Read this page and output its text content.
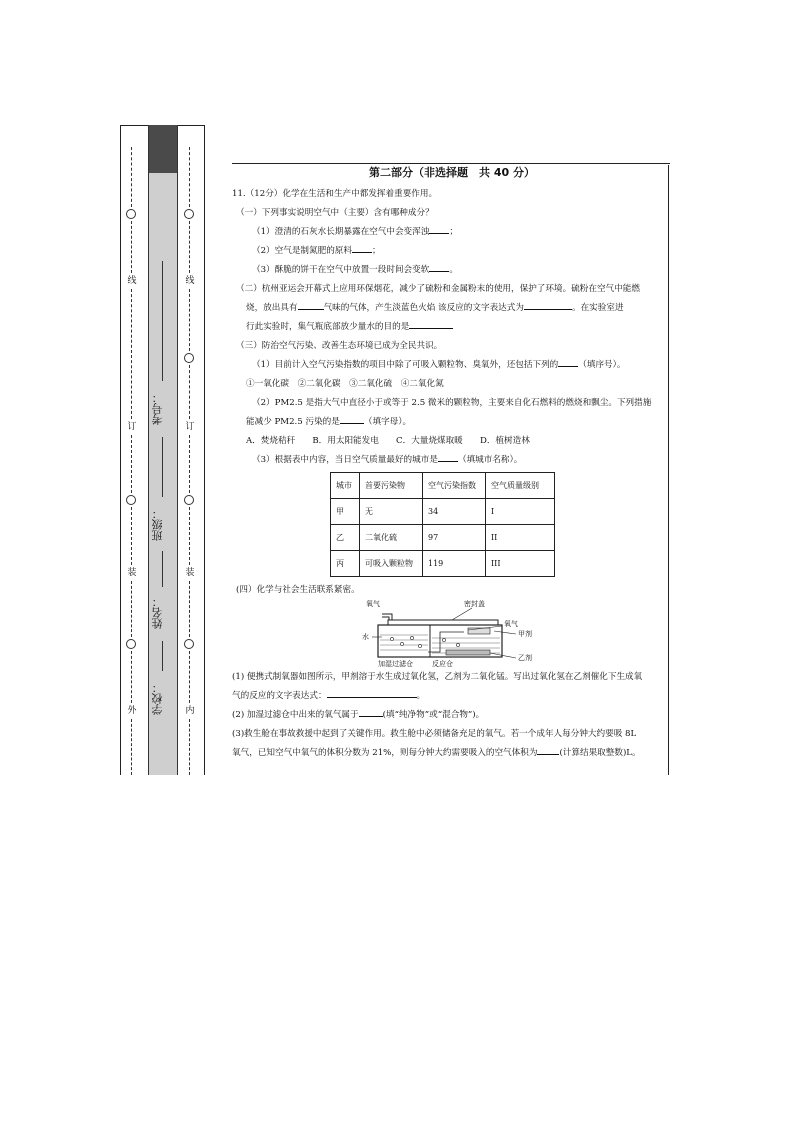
线
订
装
外
考号：
班级：
姓名：
学校：
线
订
装
内
第二部分（非选择题　共 40 分）
11.（12分）化学在生活和生产中都发挥着重要作用。
（一）下列事实说明空气中（主要）含有哪种成分？
（1）澄清的石灰水长期暴露在空气中会变浑浊 ；
（2）空气是制氮肥的原料 ；
（3）酥脆的饼干在空气中放置一段时间会变软 。
（二）杭州亚运会开幕式上应用环保烟花，减少了硫粉和金属粉末的使用，保护了环境。硫粉在空气中能燃
烧，放出具有	气味的气体，产生淡蓝色火焰 该反应的文字表达式为	。在实验室进
行此实验时，集气瓶底部放少量水的目的是
（三）防治空气污染、改善生态环境已成为全民共识。
（1）目前计入空气污染指数的项目中除了可吸入颗粒物、臭氧外，还包括下列的 （填序号）。
①一氧化碳　②二氧化碳　③二氧化硫　④二氧化氮
（2）PM2.5 是指大气中直径小于或等于 2.5 微米的颗粒物，主要来自化石燃料的燃烧和飘尘。下列措施
能减少 PM2.5 污染的是	（填字母）。
A．焚烧秸秆　　B．用太阳能发电　　C．大量烧煤取暖　　D．植树造林
（3）根据表中内容，当日空气质量最好的城市是 （填城市名称）。
城市	首要污染物	空气污染指数	空气质量级别
甲	无	34	I
乙	二氧化硫	97	II
丙	可吸入颗粒物	119	III
(四）化学与社会生活联系紧密。
氧气	密封盖
水
氧气
甲剂
乙剂
加湿过滤仓	反应仓
(1) 便携式制氧器如图所示，甲剂溶于水生成过氧化氢，乙剂为二氧化锰。写出过氧化氢在乙剂催化下生成氧
气的反应的文字表达式：	。
(2) 加湿过滤仓中出来的氧气属于	(填“纯净物”或“混合物”)。
(3)救生舱在事故救援中起到了关键作用。救生舱中必须储备充足的氧气。若一个成年人每分钟大约要吸 8L
氧气，已知空气中氧气的体积分数为 21%，则每分钟大约需要吸入的空气体积为	(计算结果取整数)L。
